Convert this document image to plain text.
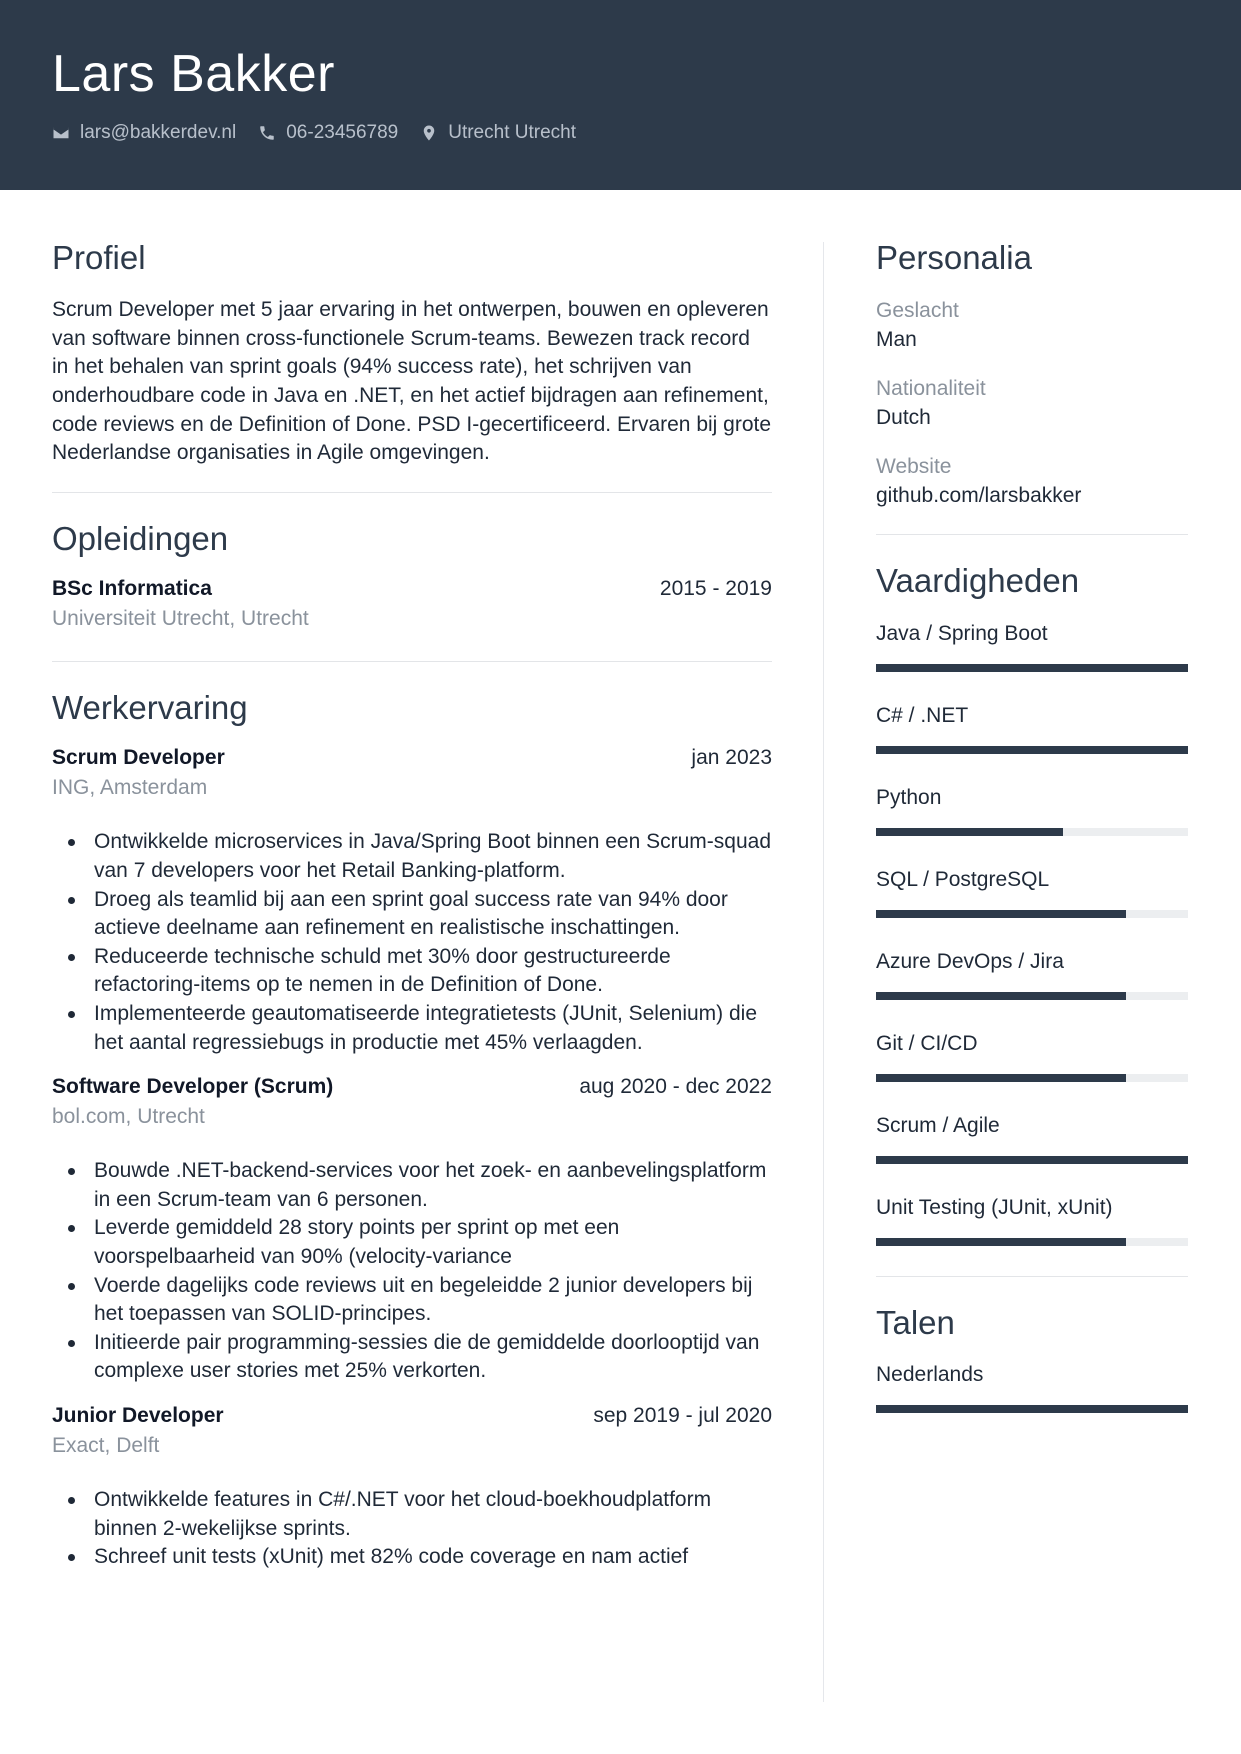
Lars Bakker
lars@bakkerdev.nl	06-23456789	Utrecht Utrecht
Profiel

Scrum Developer met 5 jaar ervaring in het ontwerpen, bouwen en opleveren van software binnen cross-functionele Scrum-teams. Bewezen track record in het behalen van sprint goals (94% success rate), het schrijven van onderhoudbare code in Java en .NET, en het actief bijdragen aan refinement, code reviews en de Definition of Done. PSD I-gecertificeerd. Ervaren bij grote Nederlandse organisaties in Agile omgevingen.

Opleidingen
BSc Informatica	2015 - 2019
Universiteit Utrecht, Utrecht
Werkervaring
Scrum Developer	jan 2023
ING, Amsterdam
Ontwikkelde microservices in Java/Spring Boot binnen een Scrum-squad van 7 developers voor het Retail Banking-platform.
Droeg als teamlid bij aan een sprint goal success rate van 94% door actieve deelname aan refinement en realistische inschattingen.
Reduceerde technische schuld met 30% door gestructureerde refactoring-items op te nemen in de Definition of Done.
Implementeerde geautomatiseerde integratietests (JUnit, Selenium) die het aantal regressiebugs in productie met 45% verlaagden.
Software Developer (Scrum)	aug 2020 - dec 2022
bol.com, Utrecht
Bouwde .NET-backend-services voor het zoek- en aanbevelingsplatform in een Scrum-team van 6 personen.
Leverde gemiddeld 28 story points per sprint op met een voorspelbaarheid van 90% (velocity-variance
Voerde dagelijks code reviews uit en begeleidde 2 junior developers bij het toepassen van SOLID-principes.
Initieerde pair programming-sessies die de gemiddelde doorlooptijd van complexe user stories met 25% verkorten.
Junior Developer	sep 2019 - jul 2020
Exact, Delft
Ontwikkelde features in C#/.NET voor het cloud-boekhoudplatform binnen 2-wekelijkse sprints.
Schreef unit tests (xUnit) met 82% code coverage en nam actief
Personalia
Geslacht
Man
Nationaliteit
Dutch
Website
github.com/larsbakker
Vaardigheden
Java / Spring Boot
C# / .NET
Python
SQL / PostgreSQL
Azure DevOps / Jira
Git / CI/CD
Scrum / Agile
Unit Testing (JUnit, xUnit)
Talen
Nederlands
